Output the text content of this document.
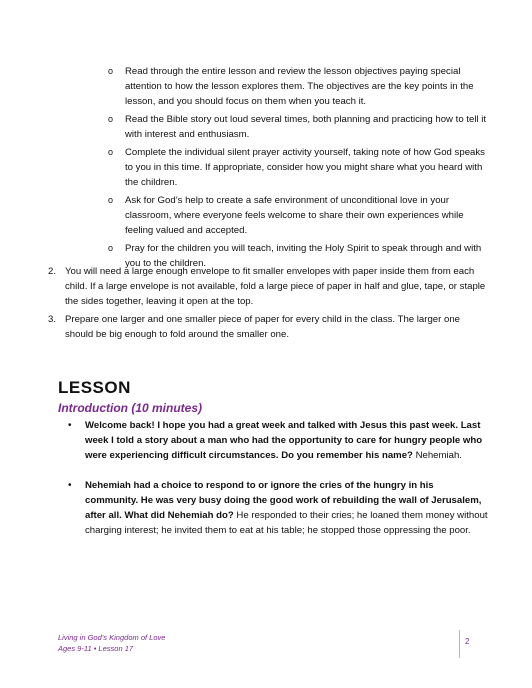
o Read through the entire lesson and review the lesson objectives paying special attention to how the lesson explores them. The objectives are the key points in the lesson, and you should focus on them when you teach it.
o Read the Bible story out loud several times, both planning and practicing how to tell it with interest and enthusiasm.
o Complete the individual silent prayer activity yourself, taking note of how God speaks to you in this time. If appropriate, consider how you might share what you heard with the children.
o Ask for God’s help to create a safe environment of unconditional love in your classroom, where everyone feels welcome to share their own experiences while feeling valued and accepted.
o Pray for the children you will teach, inviting the Holy Spirit to speak through and with you to the children.
2. You will need a large enough envelope to fit smaller envelopes with paper inside them from each child. If a large envelope is not available, fold a large piece of paper in half and glue, tape, or staple the sides together, leaving it open at the top.
3. Prepare one larger and one smaller piece of paper for every child in the class. The larger one should be big enough to fold around the smaller one.
LESSON
Introduction (10 minutes)
• Welcome back! I hope you had a great week and talked with Jesus this past week. Last week I told a story about a man who had the opportunity to care for hungry people who were experiencing difficult circumstances. Do you remember his name? Nehemiah.
• Nehemiah had a choice to respond to or ignore the cries of the hungry in his community. He was very busy doing the good work of rebuilding the wall of Jerusalem, after all. What did Nehemiah do? He responded to their cries; he loaned them money without charging interest; he invited them to eat at his table; he stopped those oppressing the poor.
Living in God’s Kingdom of Love
Ages 9-11 • Lesson 17
2
